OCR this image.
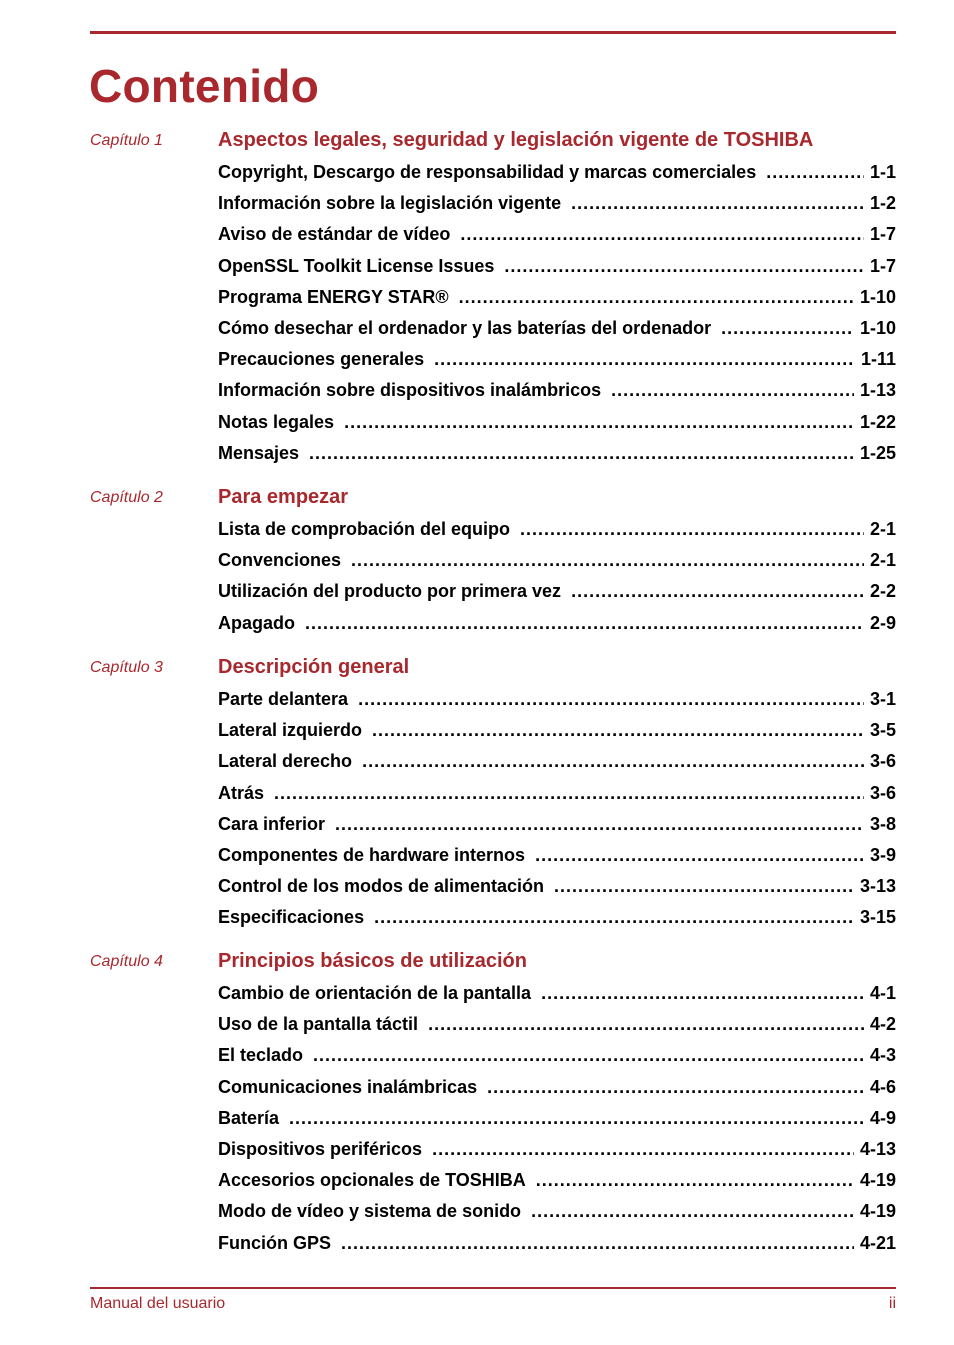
Contenido
Capítulo 1	Aspectos legales, seguridad y legislación vigente de TOSHIBA
Copyright, Descargo de responsabilidad y marcas comerciales .....	1-1
Información sobre la legislación vigente .....	1-2
Aviso de estándar de vídeo .....	1-7
OpenSSL Toolkit License Issues .....	1-7
Programa ENERGY STAR® .....	1-10
Cómo desechar el ordenador y las baterías del ordenador .....	1-10
Precauciones generales .....	1-11
Información sobre dispositivos inalámbricos .....	1-13
Notas legales .....	1-22
Mensajes .....	1-25
Capítulo 2	Para empezar
Lista de comprobación del equipo .....	2-1
Convenciones .....	2-1
Utilización del producto por primera vez .....	2-2
Apagado .....	2-9
Capítulo 3	Descripción general
Parte delantera .....	3-1
Lateral izquierdo .....	3-5
Lateral derecho .....	3-6
Atrás .....	3-6
Cara inferior .....	3-8
Componentes de hardware internos .....	3-9
Control de los modos de alimentación .....	3-13
Especificaciones .....	3-15
Capítulo 4	Principios básicos de utilización
Cambio de orientación de la pantalla .....	4-1
Uso de la pantalla táctil .....	4-2
El teclado .....	4-3
Comunicaciones inalámbricas .....	4-6
Batería .....	4-9
Dispositivos periféricos .....	4-13
Accesorios opcionales de TOSHIBA .....	4-19
Modo de vídeo y sistema de sonido .....	4-19
Función GPS .....	4-21
Manual del usuario	ii
